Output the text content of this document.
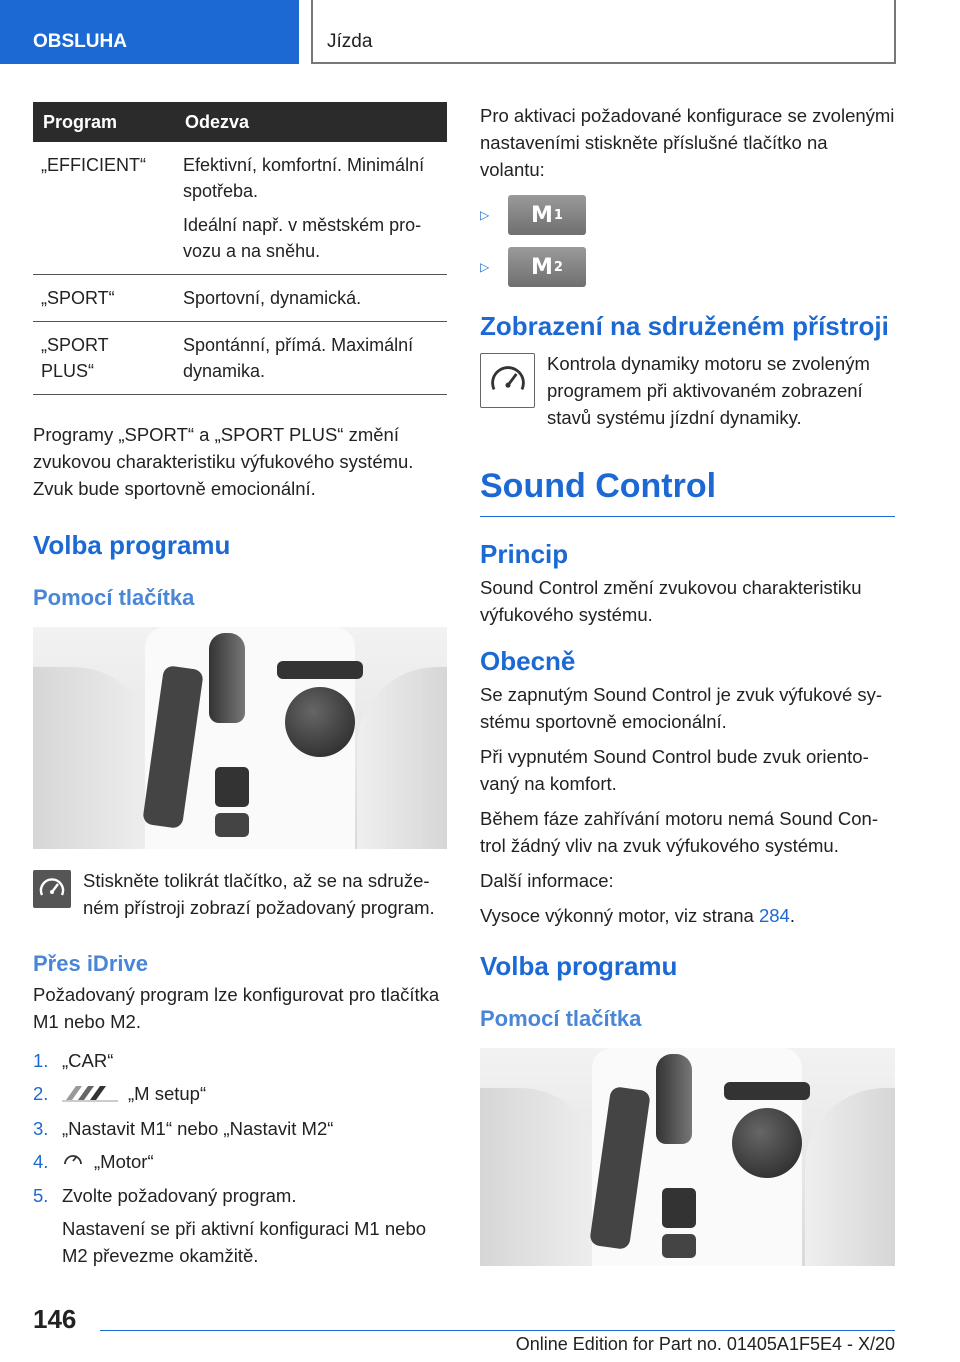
OBSLUHA	Jízda
Program	Odezva
„EFFICIENT“	Efektivní, komfortní. Minimální spotřeba.

Ideální např. v městském provozu a na sněhu.

„SPORT“	Sportovní, dynamická.

„SPORT PLUS“	Spontánní, přímá. Maximální dynamika.

Programy „SPORT“ a „SPORT PLUS“ změní zvukovou charakteristiku výfukového systému. Zvuk bude sportovně emocionální.

Volba programu
Pomocí tlačítka
Stiskněte tolikrát tlačítko, až se na sdruženém přístroji zobrazí požadovaný program.
Přes iDrive

Požadovaný program lze konfigurovat pro tlačítka M1 nebo M2.

1. „CAR“
2.	„M setup“
3. „Nastavit M1“ nebo „Nastavit M2“
4.	„Motor“
5. Zvolte požadovaný program.
Nastavení se při aktivní konfiguraci M1 nebo M2 převezme okamžitě.

Pro aktivaci požadované konfigurace se zvolenými nastaveními stiskněte příslušné tlačítko na volantu:

▷	M 1
▷	M 2
Zobrazení na sdruženém přístroji
Kontrola dynamiky motoru se zvoleným programem při aktivovaném zobrazení stavů systému jízdní dynamiky.
Sound Control
Princip

Sound Control změní zvukovou charakteristiku výfukového systému.

Obecně

Se zapnutým Sound Control je zvuk výfukové systému sportovně emocionální.

Při vypnutém Sound Control bude zvuk orientovaný na komfort.

Během fáze zahřívání motoru nemá Sound Control žádný vliv na zvuk výfukového systému.

Další informace:

Vysoce výkonný motor, viz strana 284.

Volba programu
Pomocí tlačítka
146
Online Edition for Part no. 01405A1F5E4 - X/20
